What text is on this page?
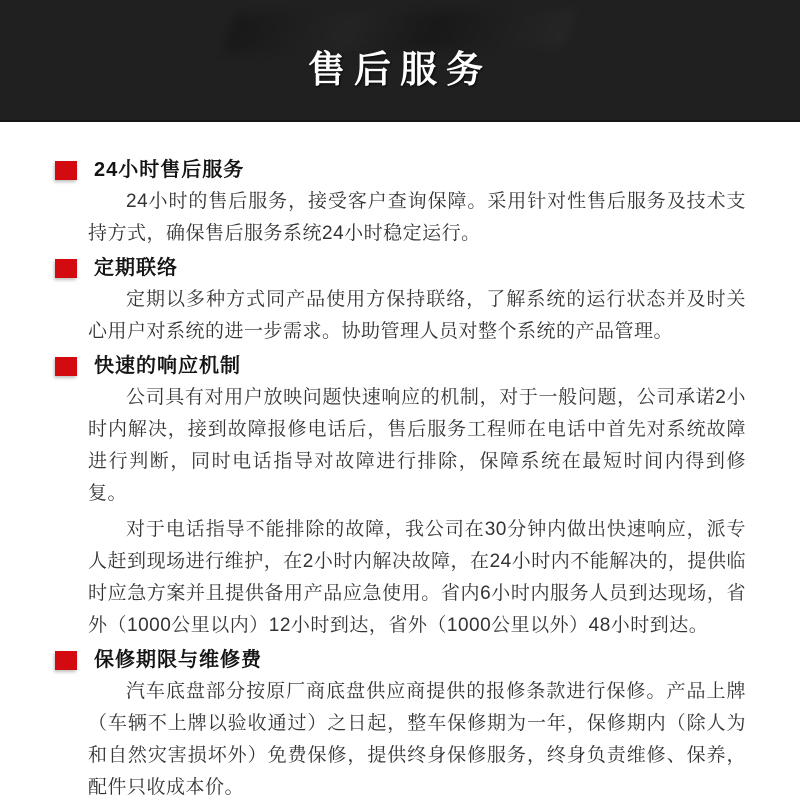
售后服务
24小时售后服务

24小时的售后服务，接受客户查询保障。采用针对性售后服务及技术支持方式，确保售后服务系统24小时稳定运行。

定期联络

定期以多种方式同产品使用方保持联络，了解系统的运行状态并及时关心用户对系统的进一步需求。协助管理人员对整个系统的产品管理。

快速的响应机制

公司具有对用户放映问题快速响应的机制，对于一般问题，公司承诺2小时内解决，接到故障报修电话后，售后服务工程师在电话中首先对系统故障进行判断，同时电话指导对故障进行排除，保障系统在最短时间内得到修复。

对于电话指导不能排除的故障，我公司在30分钟内做出快速响应，派专人赶到现场进行维护，在2小时内解决故障，在24小时内不能解决的，提供临时应急方案并且提供备用产品应急使用。省内6小时内服务人员到达现场，省外（1000公里以内）12小时到达，省外（1000公里以外）48小时到达。

保修期限与维修费

汽车底盘部分按原厂商底盘供应商提供的报修条款进行保修。产品上牌（车辆不上牌以验收通过）之日起，整车保修期为一年，保修期内（除人为和自然灾害损坏外）免费保修，提供终身保修服务，终身负责维修、保养，配件只收成本价。
